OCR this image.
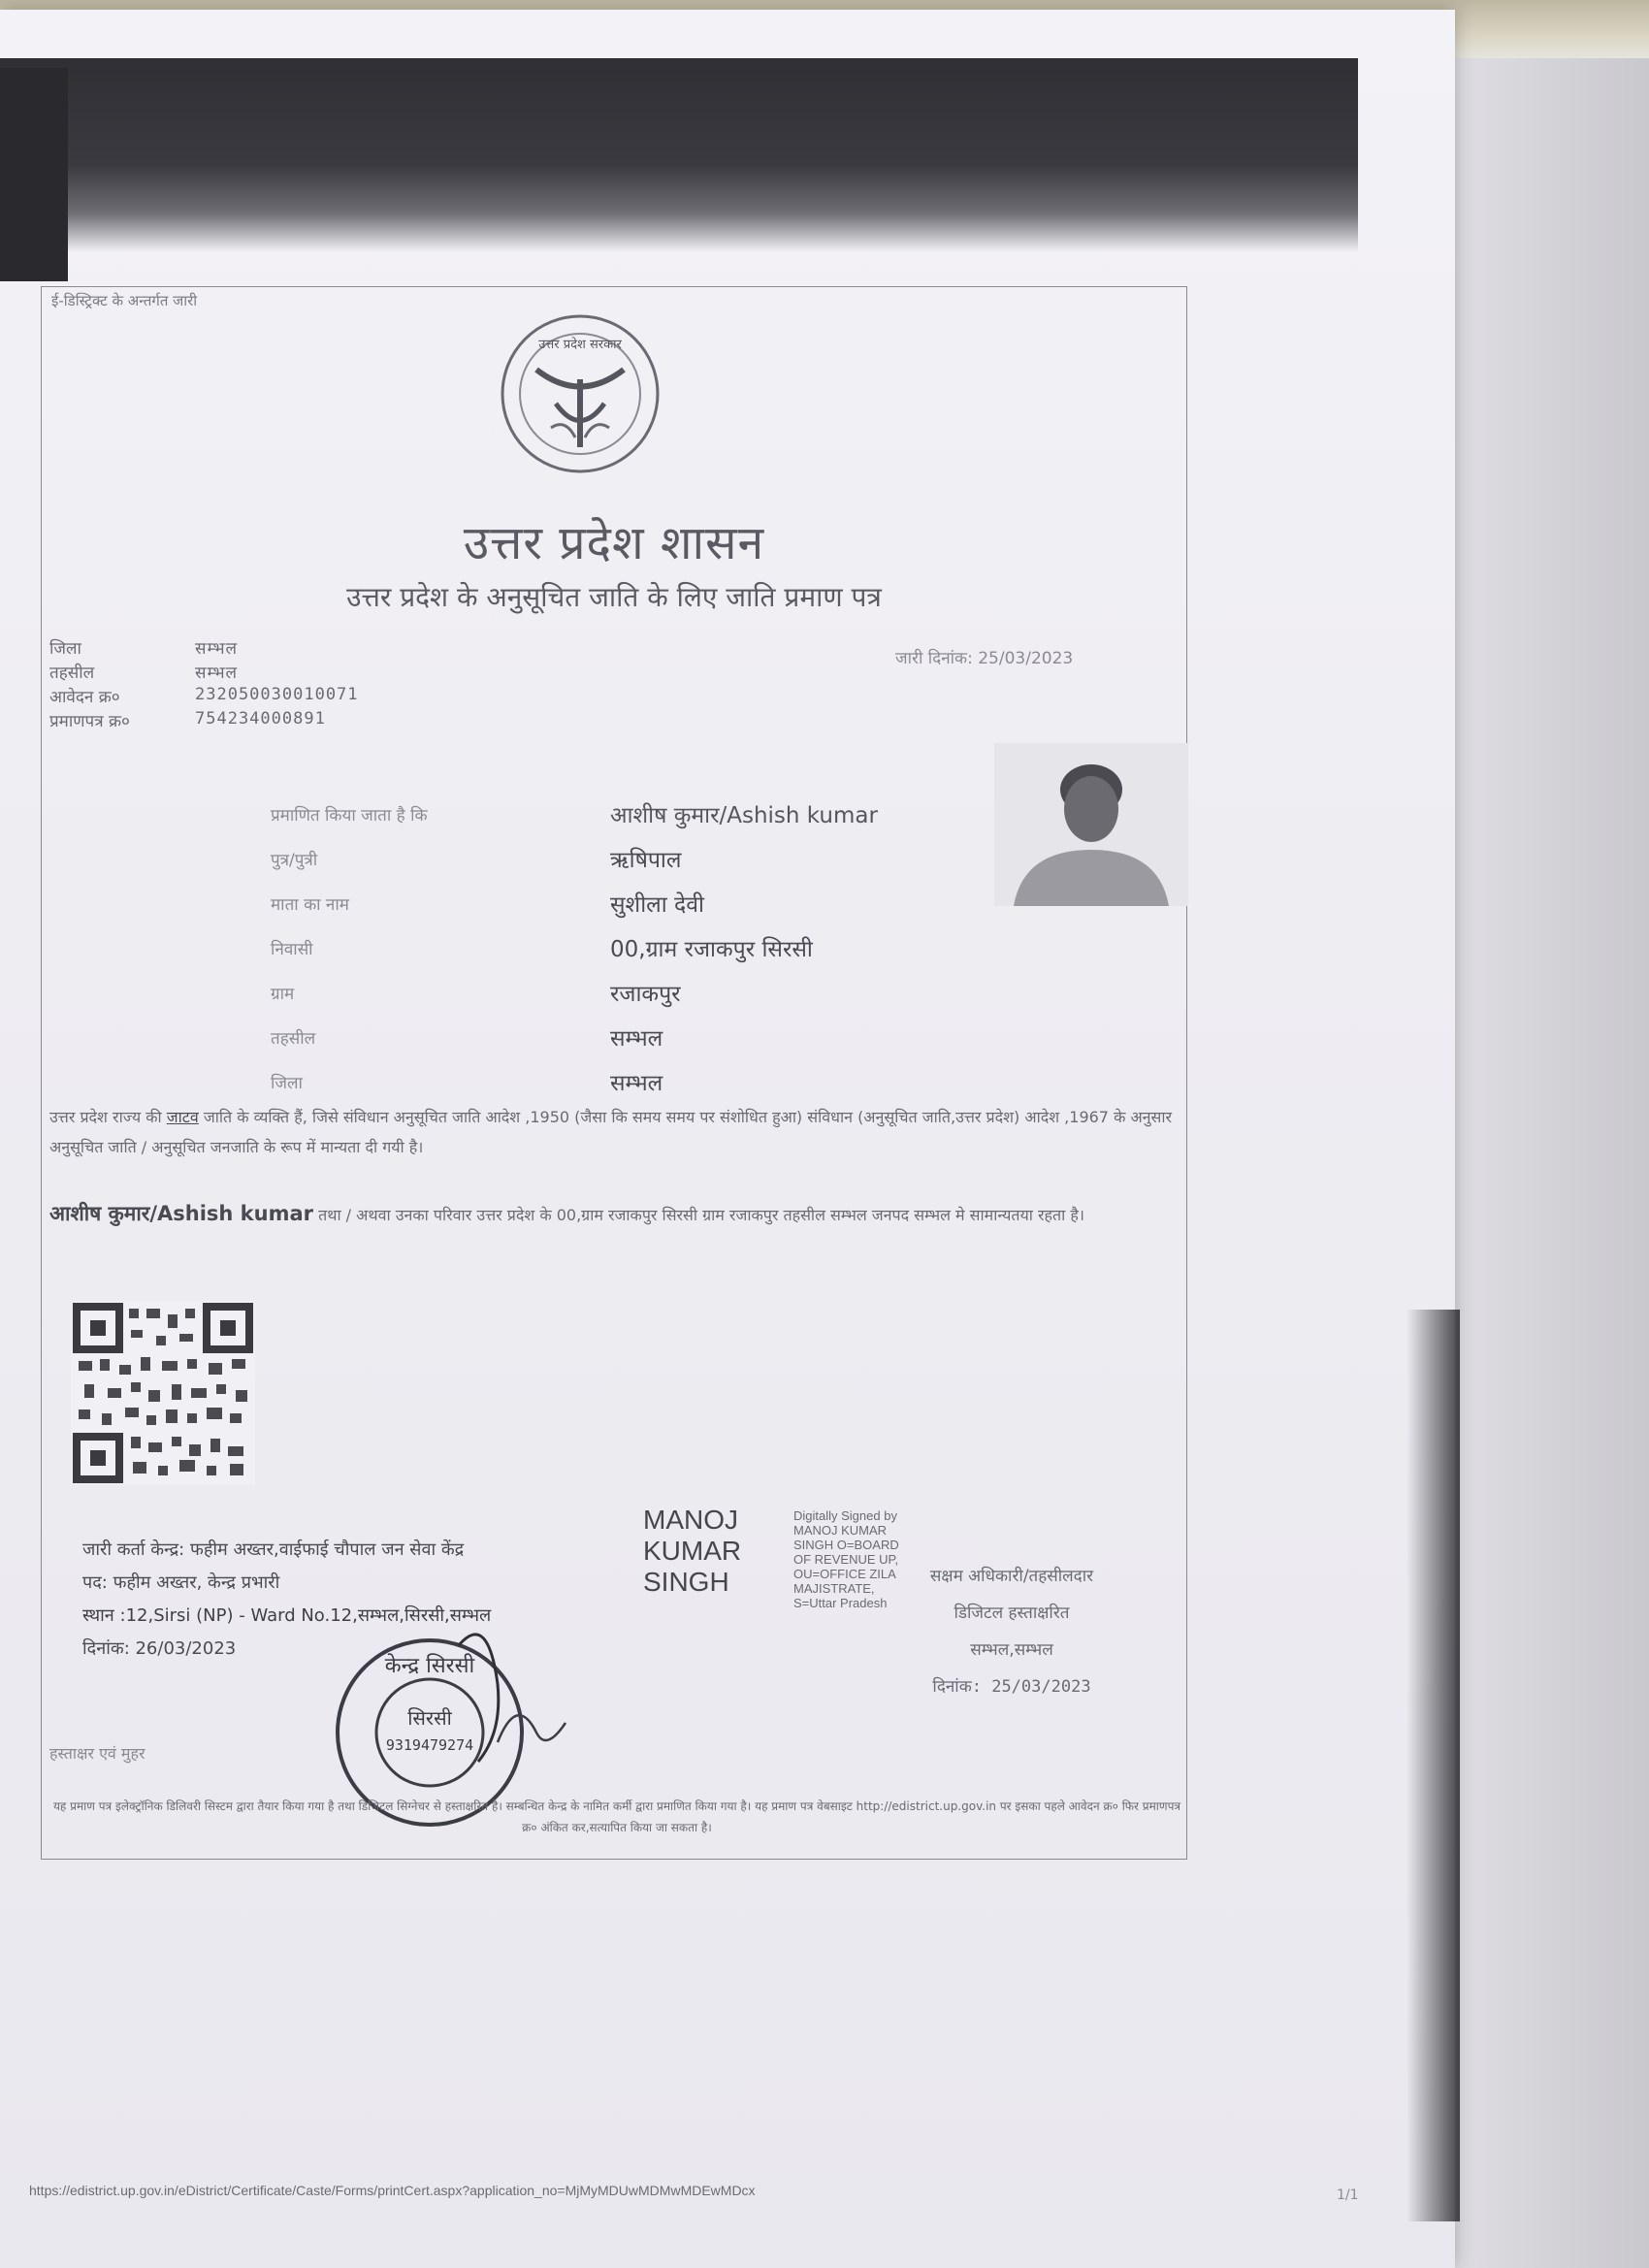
ई-डिस्ट्रिक्ट के अन्तर्गत जारी
उत्तर प्रदेश सरकार
उत्तर प्रदेश शासन
उत्तर प्रदेश के अनुसूचित जाति के लिए जाति प्रमाण पत्र
जिला	सम्भल
तहसील	सम्भल
आवेदन क्र०	232050030010071
प्रमाणपत्र क्र०	754234000891
जारी दिनांक: 25/03/2023
प्रमाणित किया जाता है कि	आशीष कुमार/Ashish kumar
पुत्र/पुत्री	ऋषिपाल
माता का नाम	सुशीला देवी
निवासी	00,ग्राम रजाकपुर सिरसी
ग्राम	रजाकपुर
तहसील	सम्भल
जिला	सम्भल
उत्तर प्रदेश राज्य की जाटव जाति के व्यक्ति हैं, जिसे संविधान अनुसूचित जाति आदेश ,1950 (जैसा कि समय समय पर संशोधित हुआ) संविधान (अनुसूचित जाति,उत्तर प्रदेश) आदेश ,1967 के अनुसार अनुसूचित जाति / अनुसूचित जनजाति के रूप में मान्यता दी गयी है।
आशीष कुमार/Ashish kumar तथा / अथवा उनका परिवार उत्तर प्रदेश के 00,ग्राम रजाकपुर सिरसी ग्राम रजाकपुर तहसील सम्भल जनपद सम्भल मे सामान्यतया रहता है।
जारी कर्ता केन्द्र: फहीम अख्तर,वाईफाई चौपाल जन सेवा केंद्र
पद: फहीम अख्तर, केन्द्र प्रभारी
स्थान :12,Sirsi (NP) - Ward No.12,सम्भल,सिरसी,सम्भल
दिनांक: 26/03/2023
MANOJ
KUMAR
SINGH
Digitally Signed by MANOJ KUMAR SINGH O=BOARD OF REVENUE UP, OU=OFFICE ZILA MAJISTRATE, S=Uttar Pradesh
सक्षम अधिकारी/तहसीलदार
डिजिटल हस्ताक्षरित
सम्भल,सम्भल
दिनांक: 25/03/2023
केन्द्र सिरसी
सिरसी
9319479274
हस्ताक्षर एवं मुहर
यह प्रमाण पत्र इलेक्ट्रॉनिक डिलिवरी सिस्टम द्वारा तैयार किया गया है तथा डिजिटल सिग्नेचर से हस्ताक्षरित है। सम्बन्धित केन्द्र के नामित कर्मी द्वारा प्रमाणित किया गया है। यह प्रमाण पत्र वेबसाइट http://edistrict.up.gov.in पर इसका पहले आवेदन क्र० फिर प्रमाणपत्र क्र० अंकित कर,सत्यापित किया जा सकता है।
https://edistrict.up.gov.in/eDistrict/Certificate/Caste/Forms/printCert.aspx?application_no=MjMyMDUwMDMwMDEwMDcx	1/1
